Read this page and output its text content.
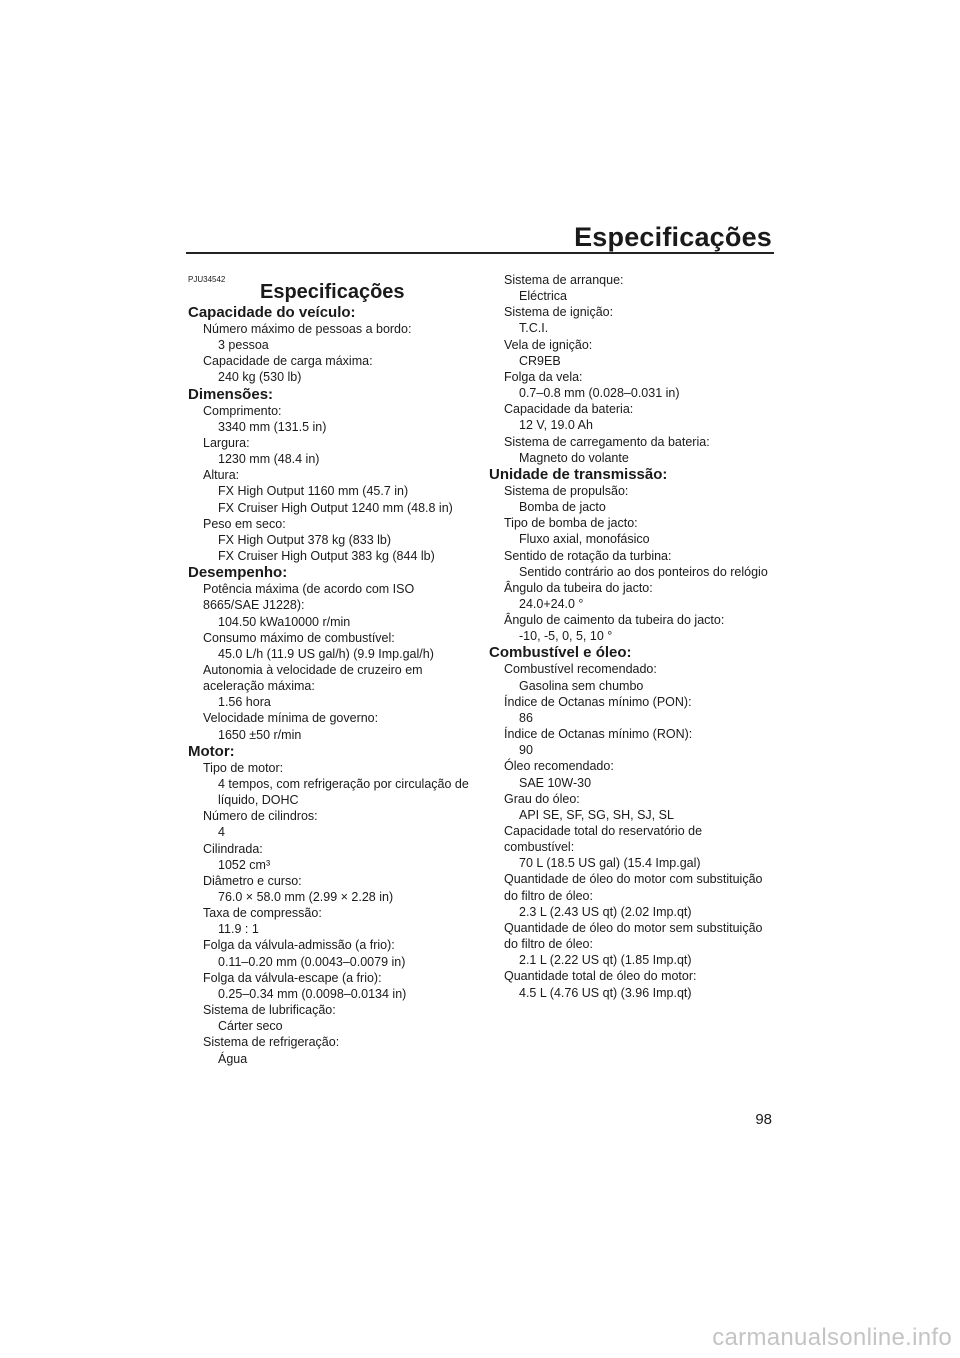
Especificações
PJU34542
Especificações
Capacidade do veículo:
Número máximo de pessoas a bordo:
3 pessoa
Capacidade de carga máxima:
240 kg (530 lb)
Dimensões:
Comprimento:
3340 mm (131.5 in)
Largura:
1230 mm (48.4 in)
Altura:
FX High Output 1160 mm (45.7 in)
FX Cruiser High Output 1240 mm (48.8 in)
Peso em seco:
FX High Output 378 kg (833 lb)
FX Cruiser High Output 383 kg (844 lb)
Desempenho:
Potência máxima (de acordo com ISO
8665/SAE J1228):
104.50 kWa10000 r/min
Consumo máximo de combustível:
45.0 L/h (11.9 US gal/h) (9.9 Imp.gal/h)
Autonomia à velocidade de cruzeiro em
aceleração máxima:
1.56 hora
Velocidade mínima de governo:
1650 ±50 r/min
Motor:
Tipo de motor:
4 tempos, com refrigeração por circulação de
líquido, DOHC
Número de cilindros:
4
Cilindrada:
1052 cm³
Diâmetro e curso:
76.0 × 58.0 mm (2.99 × 2.28 in)
Taxa de compressão:
11.9 : 1
Folga da válvula-admissão (a frio):
0.11–0.20 mm (0.0043–0.0079 in)
Folga da válvula-escape (a frio):
0.25–0.34 mm (0.0098–0.0134 in)
Sistema de lubrificação:
Cárter seco
Sistema de refrigeração:
Água
Sistema de arranque:
Eléctrica
Sistema de ignição:
T.C.I.
Vela de ignição:
CR9EB
Folga da vela:
0.7–0.8 mm (0.028–0.031 in)
Capacidade da bateria:
12 V, 19.0 Ah
Sistema de carregamento da bateria:
Magneto do volante
Unidade de transmissão:
Sistema de propulsão:
Bomba de jacto
Tipo de bomba de jacto:
Fluxo axial, monofásico
Sentido de rotação da turbina:
Sentido contrário ao dos ponteiros do relógio
Ângulo da tubeira do jacto:
24.0+24.0 °
Ângulo de caimento da tubeira do jacto:
-10, -5, 0, 5, 10 °
Combustível e óleo:
Combustível recomendado:
Gasolina sem chumbo
Índice de Octanas mínimo (PON):
86
Índice de Octanas mínimo (RON):
90
Óleo recomendado:
SAE 10W-30
Grau do óleo:
API SE, SF, SG, SH, SJ, SL
Capacidade total do reservatório de
combustível:
70 L (18.5 US gal) (15.4 Imp.gal)
Quantidade de óleo do motor com substituição
do filtro de óleo:
2.3 L (2.43 US qt) (2.02 Imp.qt)
Quantidade de óleo do motor sem substituição
do filtro de óleo:
2.1 L (2.22 US qt) (1.85 Imp.qt)
Quantidade total de óleo do motor:
4.5 L (4.76 US qt) (3.96 Imp.qt)
98
carmanualsonline.info
